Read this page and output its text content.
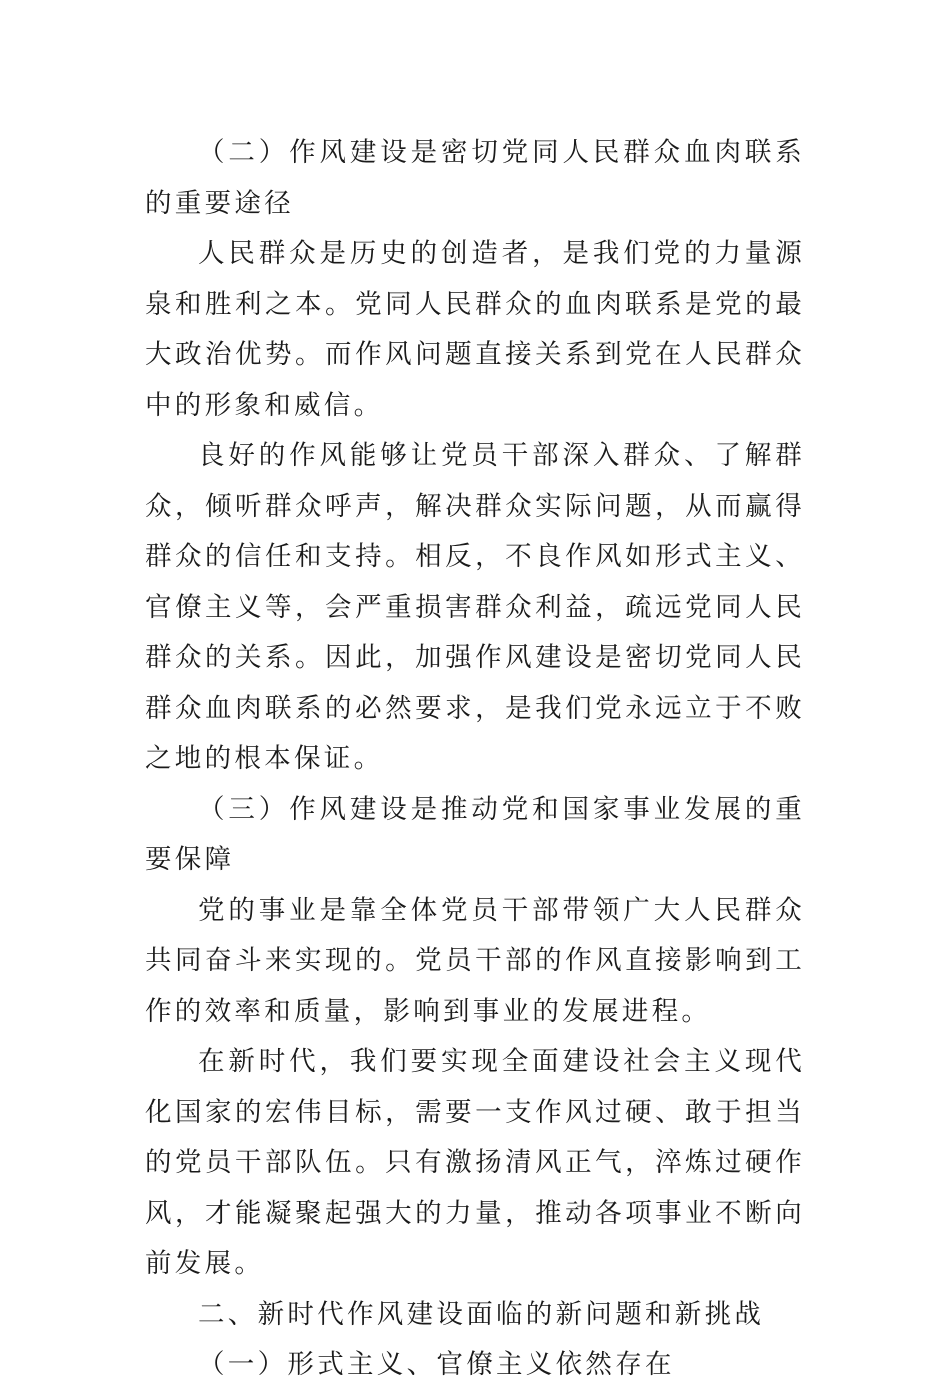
（二）作风建设是密切党同人民群众血肉联系的重要途径

人民群众是历史的创造者，是我们党的力量源泉和胜利之本。党同人民群众的血肉联系是党的最大政治优势。而作风问题直接关系到党在人民群众中的形象和威信。

良好的作风能够让党员干部深入群众、了解群众，倾听群众呼声，解决群众实际问题，从而赢得群众的信任和支持。相反，不良作风如形式主义、官僚主义等，会严重损害群众利益，疏远党同人民群众的关系。因此，加强作风建设是密切党同人民群众血肉联系的必然要求，是我们党永远立于不败之地的根本保证。

（三）作风建设是推动党和国家事业发展的重要保障

党的事业是靠全体党员干部带领广大人民群众共同奋斗来实现的。党员干部的作风直接影响到工作的效率和质量，影响到事业的发展进程。

在新时代，我们要实现全面建设社会主义现代化国家的宏伟目标，需要一支作风过硬、敢于担当的党员干部队伍。只有激扬清风正气，淬炼过硬作风，才能凝聚起强大的力量，推动各项事业不断向前发展。

二、新时代作风建设面临的新问题和新挑战

（一）形式主义、官僚主义依然存在
